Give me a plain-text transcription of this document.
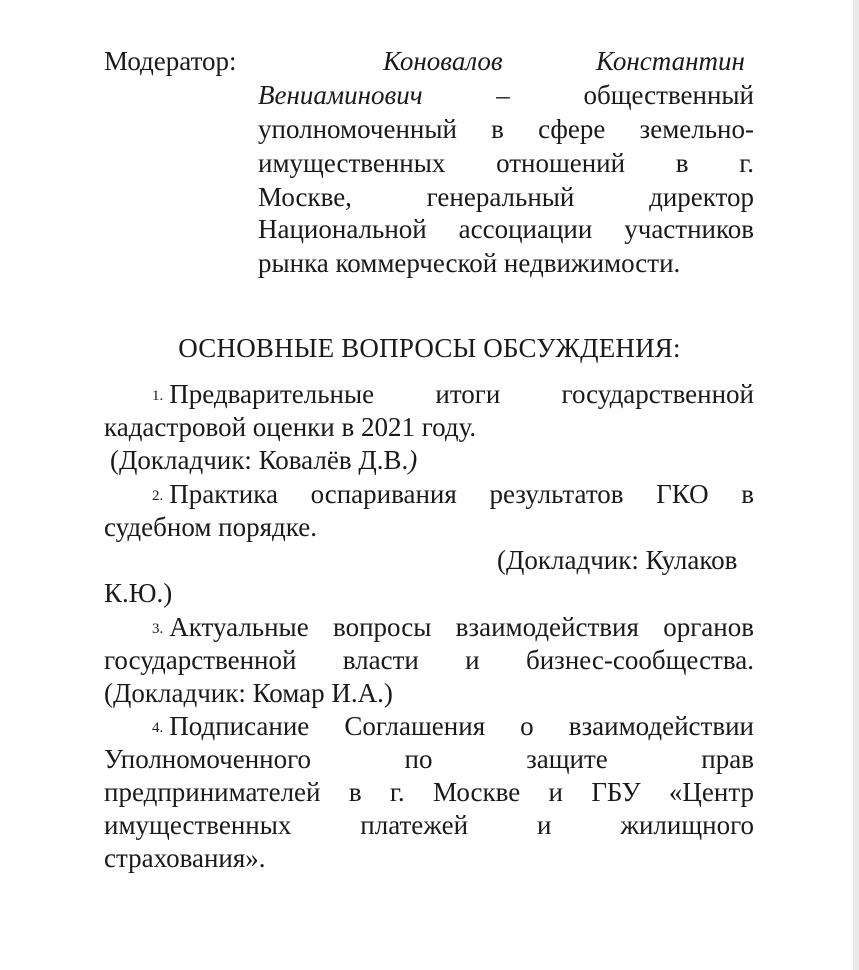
Модератор:	Коновалов	Константин
Вениаминович	– общественный
уполномоченный в сфере земельно-
имущественных отношений в г.
Москве, генеральный директор
Национальной ассоциации участников
рынка коммерческой недвижимости.
ОСНОВНЫЕ ВОПРОСЫ ОБСУЖДЕНИЯ:
1. Предварительные итоги государственной
кадастровой оценки в 2021 году.
(Докладчик: Ковалёв Д.В.)
2. Практика оспаривания результатов ГКО в
судебном порядке.
(Докладчик: Кулаков
К.Ю.)
3. Актуальные вопросы взаимодействия органов
государственной власти и бизнес-сообщества.
(Докладчик: Комар И.А.)
4. Подписание Соглашения о взаимодействии
Уполномоченного по защите прав
предпринимателей в г. Москве и ГБУ «Центр
имущественных платежей и жилищного
страхования».
